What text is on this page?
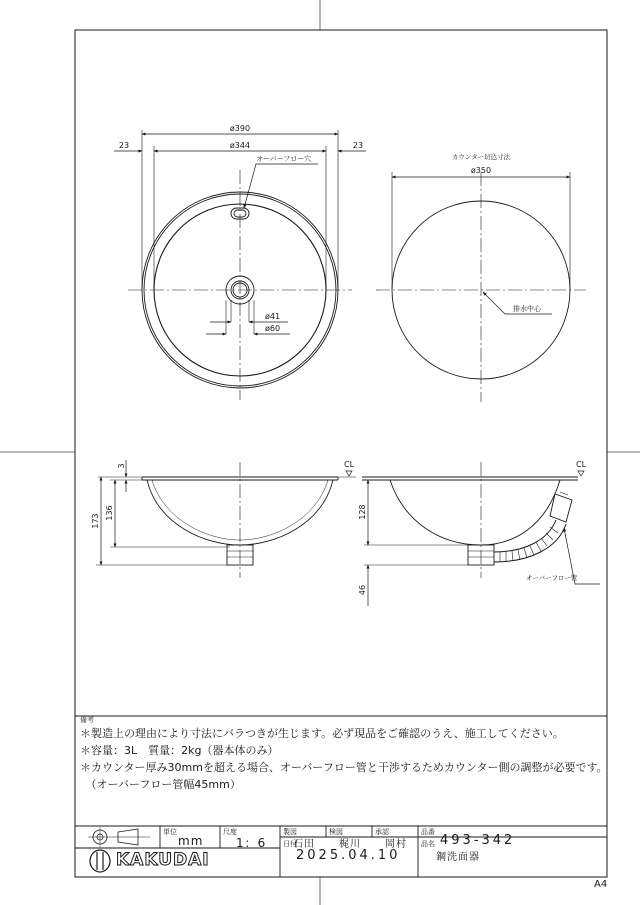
ø390
ø344
23	23
オーバーフロー穴
ø41
ø60
カウンター切込寸法
ø350
排水中心
CL
3
136
173
CL
128
46
オーバーフロー管
備考
＊製造上の理由により寸法にバラつきが生じます。必ず現品をご確認のうえ、施工してください。
＊容量：3L　質量：2kg（器本体のみ）
＊カウンター厚み30mmを超える場合、オーバーフロー管と干渉するためカウンター側の調整が必要です。
　（オーバーフロー管幅45mm）
単位
mm
尺度
1：6
製図
石田
検図
梶川
承認
岡村
品番
493-342
日付
2025.04.10
品名
鋼洗面器
KAKUDAI
A4
